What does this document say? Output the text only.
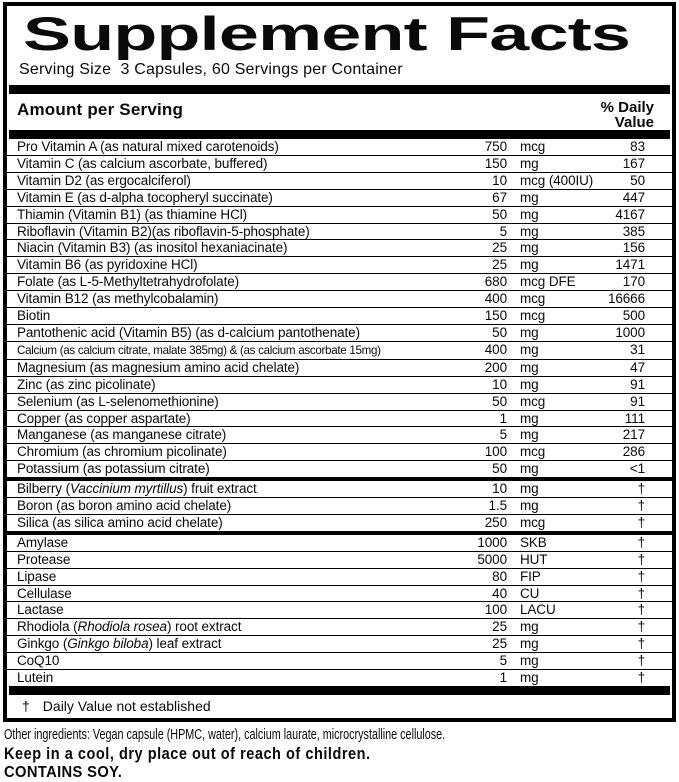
Supplement Facts
Serving Size  3 Capsules, 60 Servings per Container
Amount per Serving	% Daily
Value
Pro Vitamin A (as natural mixed carotenoids)	750 mcg	83
Vitamin C (as calcium ascorbate, buffered)	150 mg	167
Vitamin D2 (as ergocalciferol)	10 mcg (400IU)	50
Vitamin E (as d-alpha tocopheryl succinate)	67 mg	447
Thiamin (Vitamin B1) (as thiamine HCl)	50 mg	4167
Riboflavin (Vitamin B2)(as riboflavin-5-phosphate)	5 mg	385
Niacin (Vitamin B3) (as inositol hexaniacinate)	25 mg	156
Vitamin B6 (as pyridoxine HCl)	25 mg	1471
Folate (as L-5-Methyltetrahydrofolate)	680 mcg DFE	170
Vitamin B12 (as methylcobalamin)	400 mcg	16666
Biotin	150 mcg	500
Pantothenic acid (Vitamin B5) (as d-calcium pantothenate)	50 mg	1000
Calcium (as calcium citrate, malate 385mg) & (as calcium ascorbate 15mg)	400 mg	31
Magnesium (as magnesium amino acid chelate)	200 mg	47
Zinc (as zinc picolinate)	10 mg	91
Selenium (as L-selenomethionine)	50 mcg	91
Copper (as copper aspartate)	1 mg	111
Manganese (as manganese citrate)	5 mg	217
Chromium (as chromium picolinate)	100 mcg	286
Potassium (as potassium citrate)	50 mg	<1
Bilberry (Vaccinium myrtillus) fruit extract	10 mg	†
Boron (as boron amino acid chelate)	1.5 mg	†
Silica (as silica amino acid chelate)	250 mcg	†
Amylase	1000 SKB	†
Protease	5000 HUT	†
Lipase	80 FIP	†
Cellulase	40 CU	†
Lactase	100 LACU	†
Rhodiola (Rhodiola rosea) root extract	25 mg	†
Ginkgo (Ginkgo biloba) leaf extract	25 mg	†
CoQ10	5 mg	†
Lutein	1 mg	†
† Daily Value not established

Other ingredients: Vegan capsule (HPMC, water), calcium laurate, microcrystalline cellulose.

Keep in a cool, dry place out of reach of children.

CONTAINS SOY.
